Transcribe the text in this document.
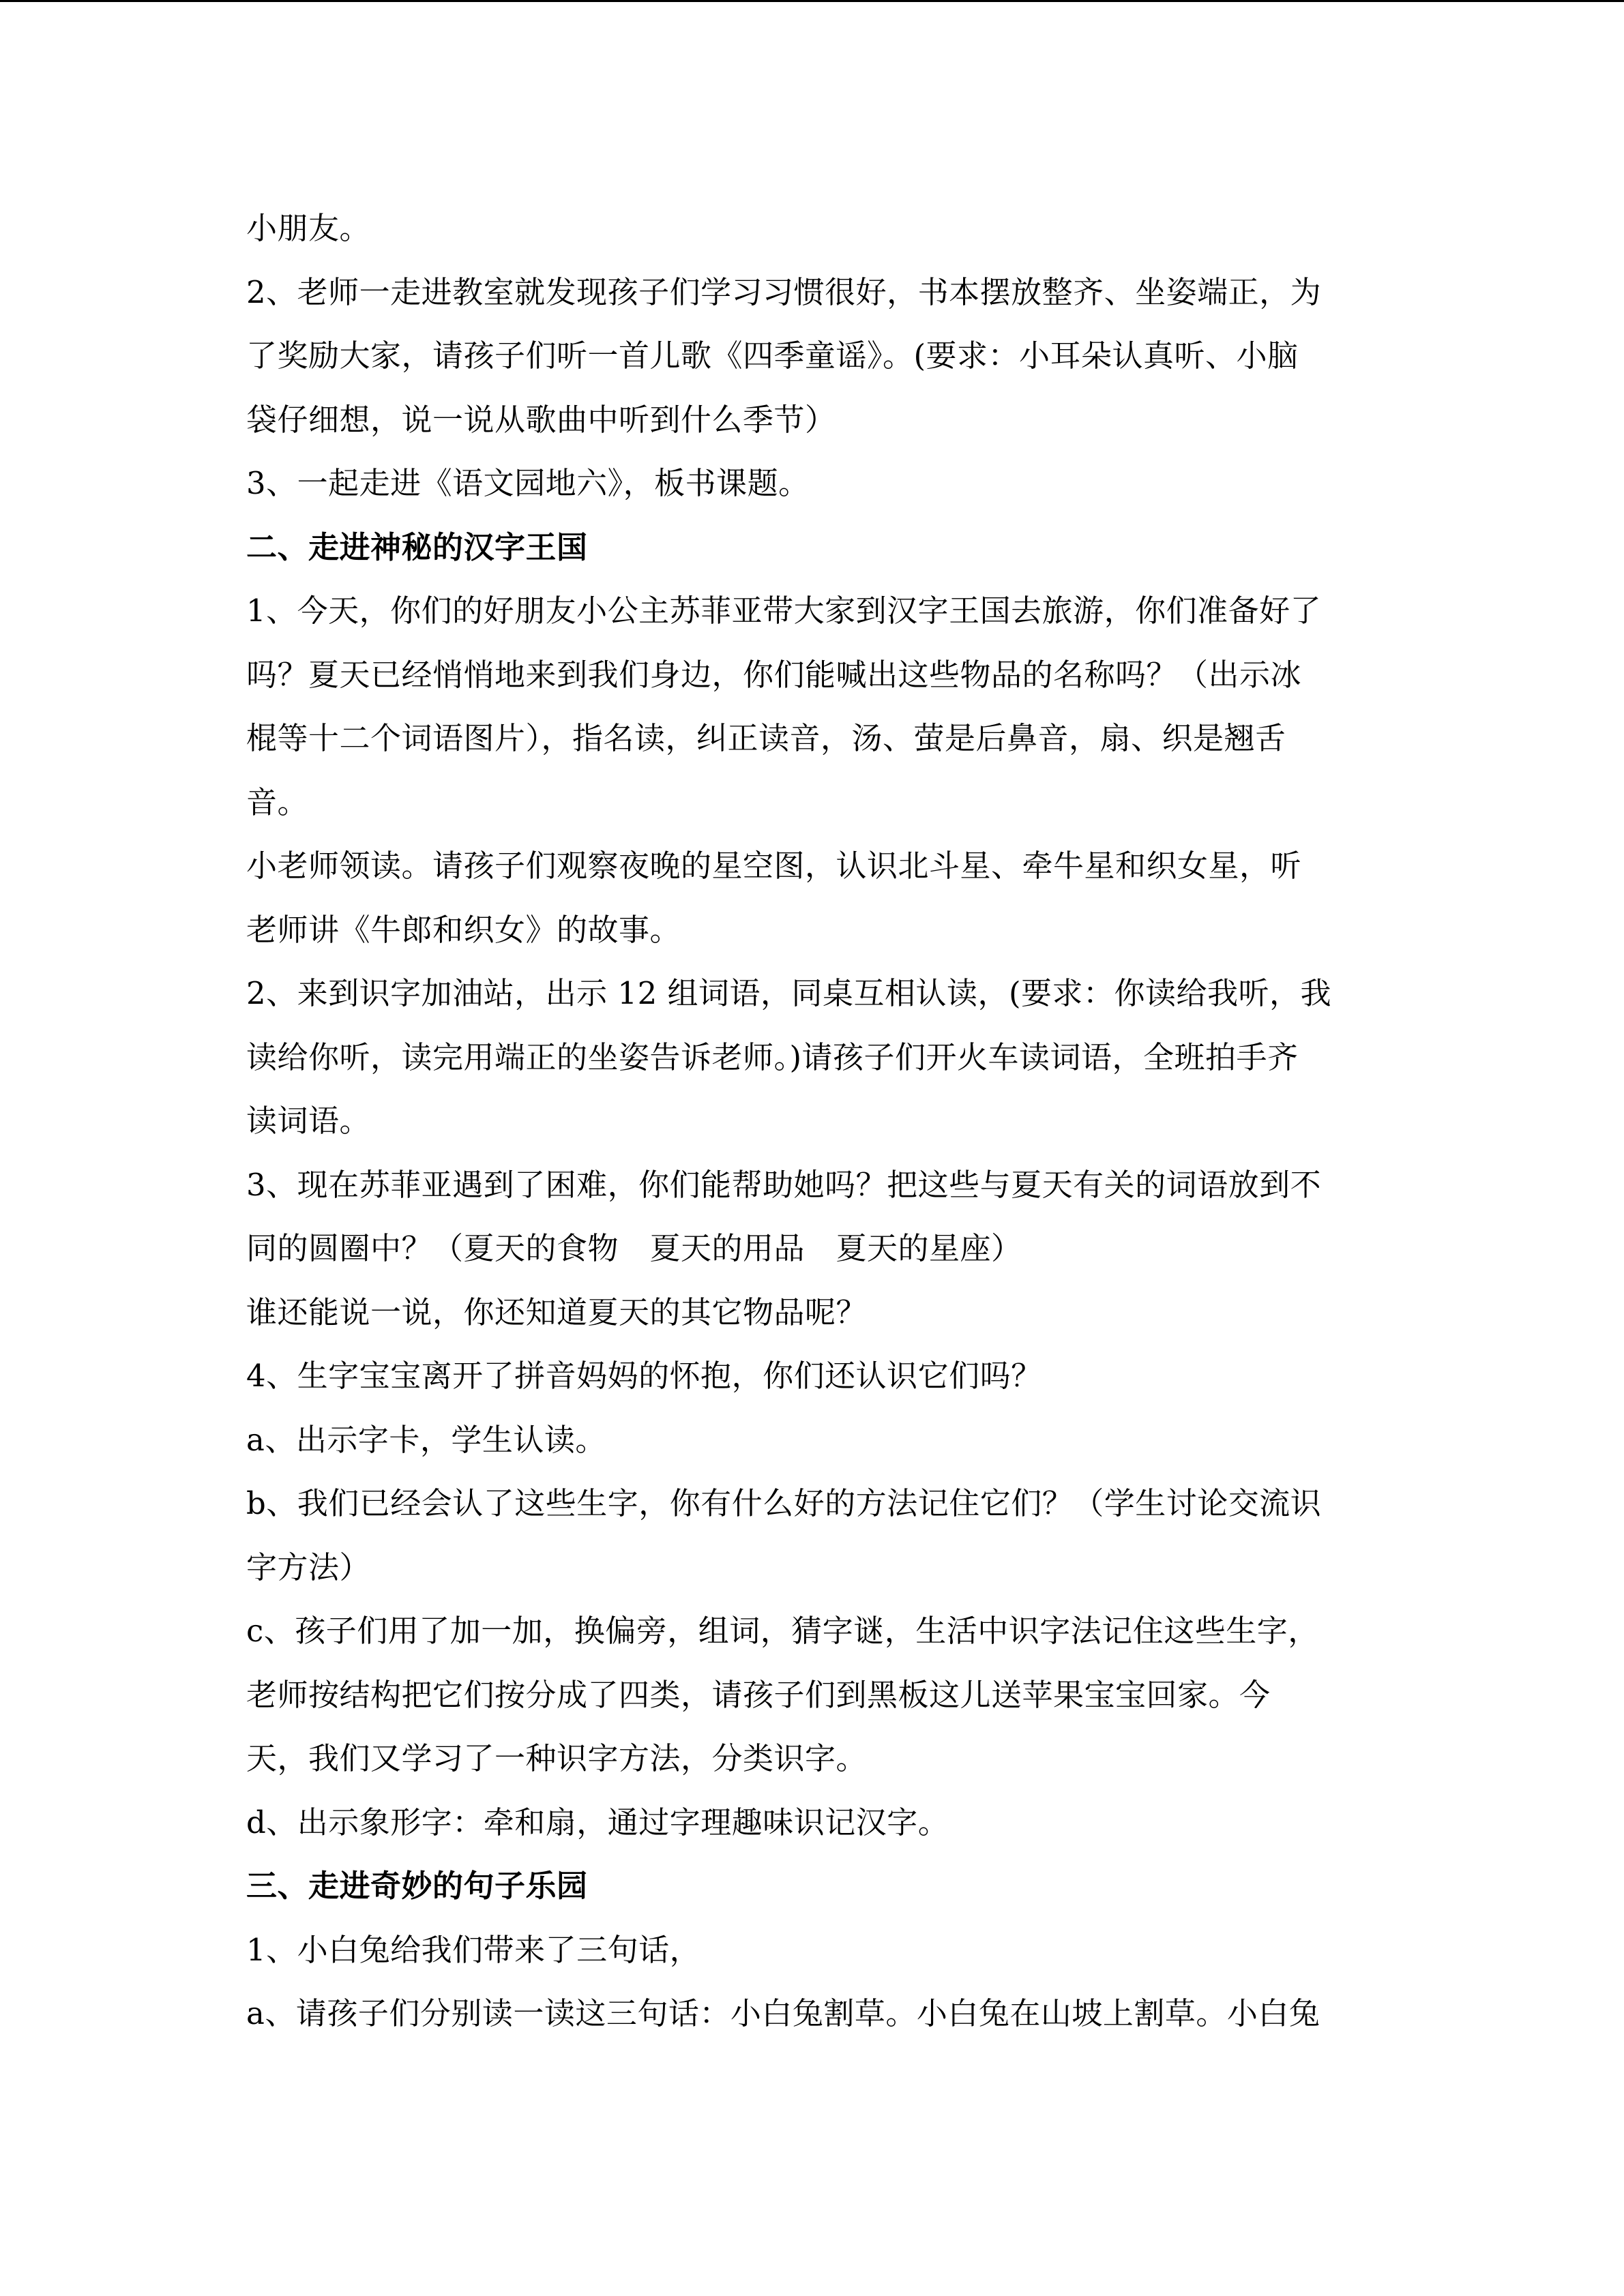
小朋友。
2、老师一走进教室就发现孩子们学习习惯很好，书本摆放整齐、坐姿端正，为
了奖励大家，请孩子们听一首儿歌《四季童谣》。(要求：小耳朵认真听、小脑
袋仔细想，说一说从歌曲中听到什么季节）
3、一起走进《语文园地六》，板书课题。
二、走进神秘的汉字王国
1、今天，你们的好朋友小公主苏菲亚带大家到汉字王国去旅游，你们准备好了
吗？夏天已经悄悄地来到我们身边，你们能喊出这些物品的名称吗？（出示冰
棍等十二个词语图片），指名读，纠正读音，汤、萤是后鼻音，扇、织是翘舌
音。
小老师领读。请孩子们观察夜晚的星空图，认识北斗星、牵牛星和织女星，听
老师讲《牛郎和织女》的故事。
2、来到识字加油站，出示 12 组词语，同桌互相认读，(要求：你读给我听，我
读给你听，读完用端正的坐姿告诉老师。)请孩子们开火车读词语，全班拍手齐
读词语。
3、现在苏菲亚遇到了困难，你们能帮助她吗？把这些与夏天有关的词语放到不
同的圆圈中？（夏天的食物　夏天的用品　夏天的星座）
谁还能说一说，你还知道夏天的其它物品呢？
4、生字宝宝离开了拼音妈妈的怀抱，你们还认识它们吗？
a、出示字卡，学生认读。
b、我们已经会认了这些生字，你有什么好的方法记住它们？（学生讨论交流识
字方法）
c、孩子们用了加一加，换偏旁，组词，猜字谜，生活中识字法记住这些生字，
老师按结构把它们按分成了四类，请孩子们到黑板这儿送苹果宝宝回家。今
天，我们又学习了一种识字方法，分类识字。
d、出示象形字：牵和扇，通过字理趣味识记汉字。
三、走进奇妙的句子乐园
1、小白兔给我们带来了三句话，
a、请孩子们分别读一读这三句话：小白兔割草。小白兔在山坡上割草。小白兔
